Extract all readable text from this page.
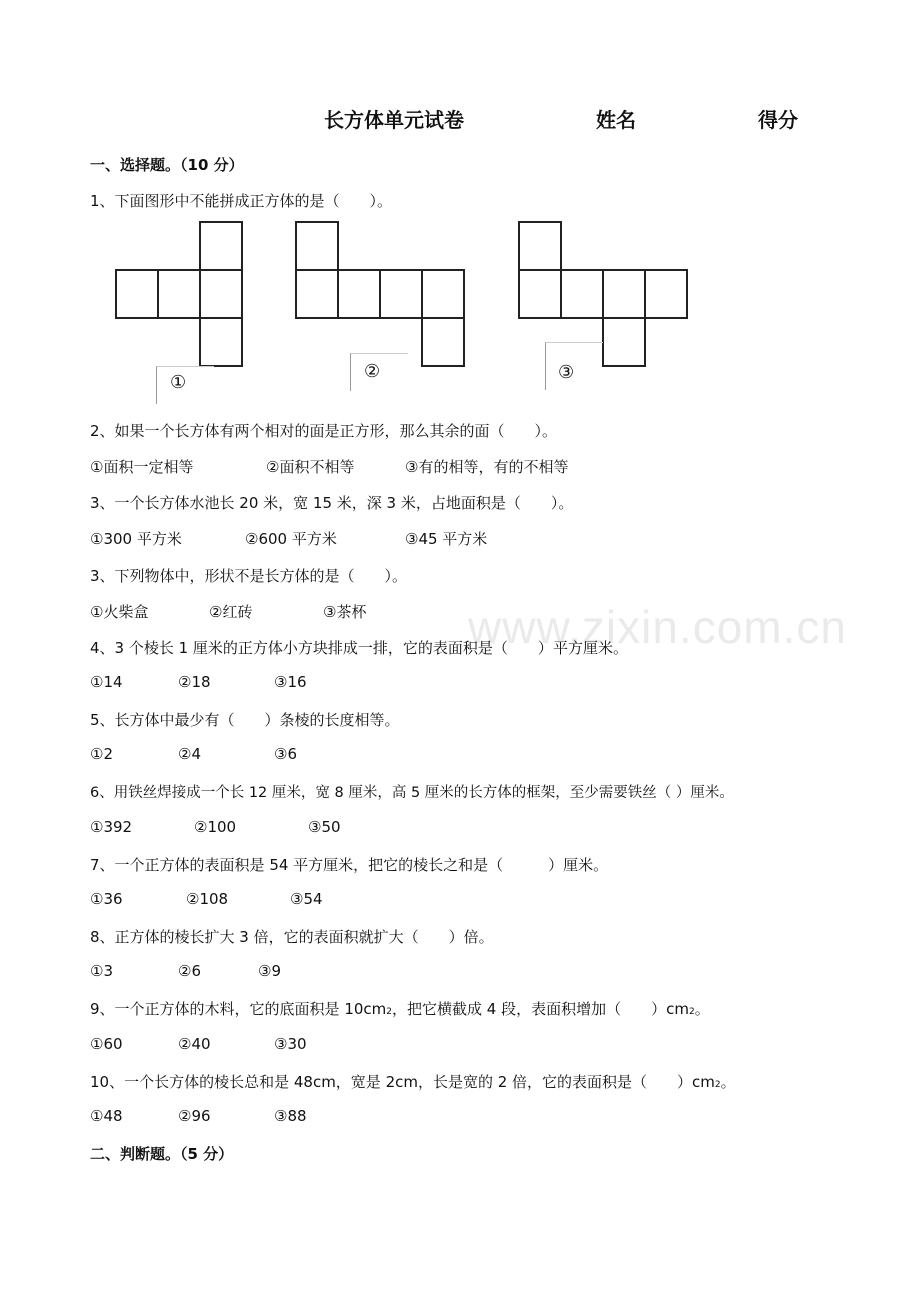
长方体单元试卷	姓名	得分
一、选择题。（10 分）
1、下面图形中不能拼成正方体的是（　　）。
①
②	③
2、如果一个长方体有两个相对的面是正方形，那么其余的面（　　）。
①面积一定相等	②面积不相等	③有的相等，有的不相等
3、一个长方体水池长 20 米，宽 15 米，深 3 米，占地面积是（　　）。
①300 平方米	②600 平方米	③45 平方米
3、下列物体中，形状不是长方体的是（　　）。
①火柴盒	②红砖	③茶杯 www.zixin.com.cn
4、3 个棱长 1 厘米的正方体小方块排成一排，它的表面积是（　　）平方厘米。
①14	②18	③16
5、长方体中最少有（　　）条棱的长度相等。
①2	②4	③6
6、用铁丝焊接成一个长 12 厘米，宽 8 厘米，高 5 厘米的长方体的框架，至少需要铁丝（ ）厘米。
①392	②100	③50
7、一个正方体的表面积是 54 平方厘米，把它的棱长之和是（　　　）厘米。
①36	②108	③54
8、正方体的棱长扩大 3 倍，它的表面积就扩大（　　）倍。
①3	②6	③9
9、一个正方体的木料，它的底面积是 10cm2，把它横截成 4 段，表面积增加（　　）cm2。
①60	②40	③30
10、一个长方体的棱长总和是 48cm，宽是 2cm，长是宽的 2 倍，它的表面积是（　　）cm2。
①48	②96	③88
二、判断题。（5 分）
